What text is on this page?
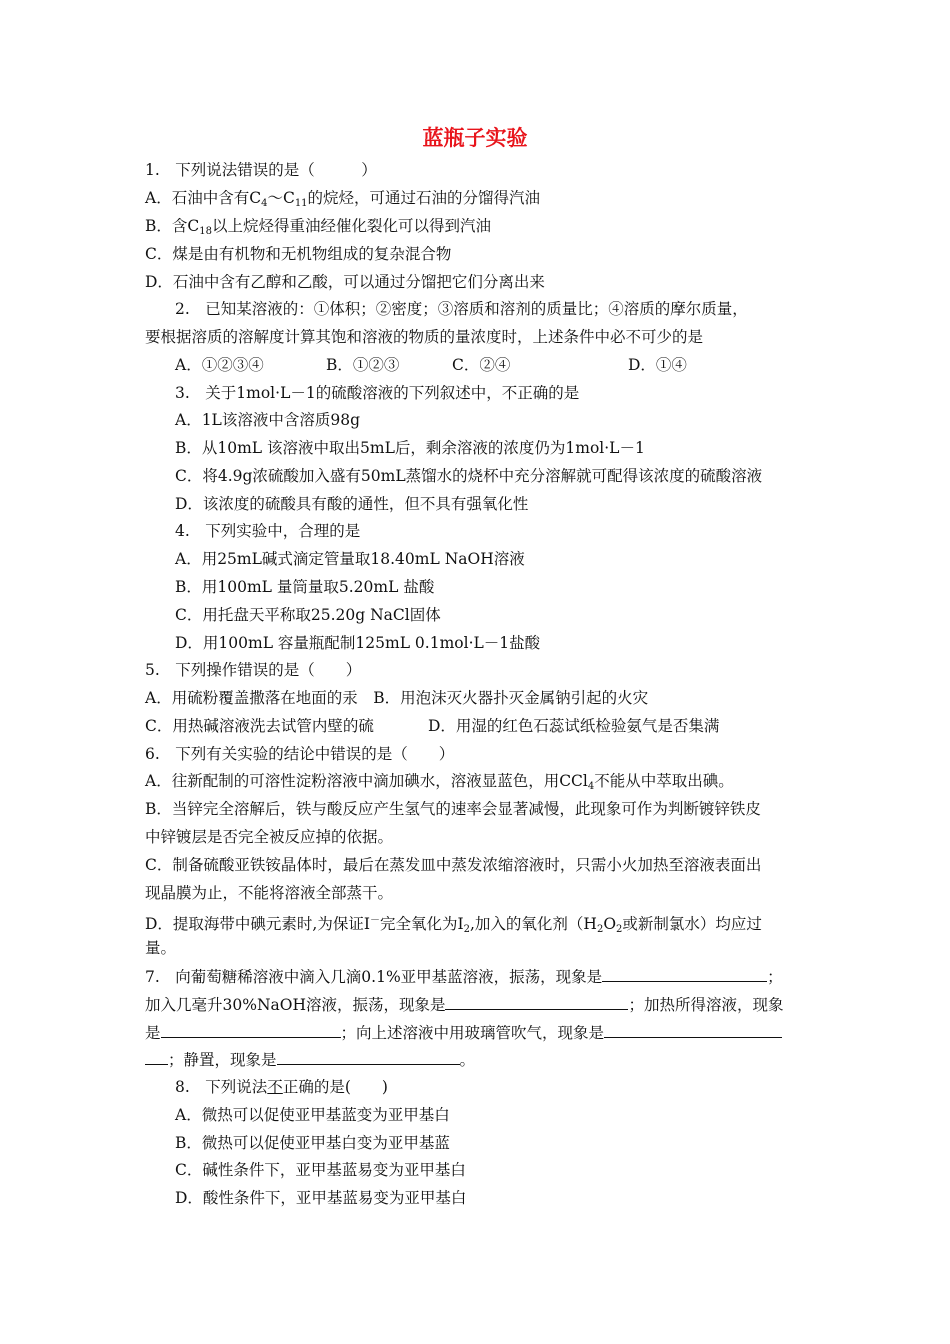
蓝瓶子实验
1.　下列说法错误的是（　　　）
A．石油中含有$C_4\sim C_{11}$的烷烃，可通过石油的分馏得汽油
B．含$C_{18}$以上烷烃得重油经催化裂化可以得到汽油
C．煤是由有机物和无机物组成的复杂混合物
D．石油中含有乙醇和乙酸，可以通过分馏把它们分离出来
2.　已知某溶液的：①体积；②密度；③溶质和溶剂的质量比；④溶质的摩尔质量，
要根据溶质的溶解度计算其饱和溶液的物质的量浓度时，上述条件中必不可少的是
A．①②③④	B．①②③	C．②④	D．①④
3.　关于1mol·L－1的硫酸溶液的下列叙述中，不正确的是
A．1L该溶液中含溶质98g
B．从10mL 该溶液中取出5mL后，剩余溶液的浓度仍为1mol·L－1
C．将4.9g浓硫酸加入盛有50mL蒸馏水的烧杯中充分溶解就可配得该浓度的硫酸溶液
D．该浓度的硫酸具有酸的通性，但不具有强氧化性
4.　下列实验中，合理的是
A．用25mL碱式滴定管量取18.40mL NaOH溶液
B．用100mL 量筒量取5.20mL 盐酸
C．用托盘天平称取25.20g NaCl固体
D．用100mL 容量瓶配制125mL 0.1mol·L－1盐酸
5.　下列操作错误的是（　　）
A．用硫粉覆盖撒落在地面的汞　B．用泡沫灭火器扑灭金属钠引起的火灾
C．用热碱溶液洗去试管内壁的硫	D．用湿的红色石蕊试纸检验氨气是否集满
6.　下列有关实验的结论中错误的是（　　）
A．往新配制的可溶性淀粉溶液中滴加碘水，溶液显蓝色，用CCl$_4$不能从中萃取出碘。
B．当锌完全溶解后，铁与酸反应产生氢气的速率会显著减慢，此现象可作为判断镀锌铁皮
中锌镀层是否完全被反应掉的依据。
C．制备硫酸亚铁铵晶体时，最后在蒸发皿中蒸发浓缩溶液时，只需小火加热至溶液表面出
现晶膜为止，不能将溶液全部蒸干。
D．提取海带中碘元素时,为保证I－完全氧化为$I_2$,加入的氧化剂（$H_2O_2$或新制氯水）均应过
量。
7.　向葡萄糖稀溶液中滴入几滴0.1%亚甲基蓝溶液，振荡，现象是	；
加入几毫升30%NaOH溶液，振荡，现象是	；加热所得溶液，现象
是	；向上述溶液中用玻璃管吹气，现象是
；静置，现象是	。
8.　下列说法不正确的是(　　)
A．微热可以促使亚甲基蓝变为亚甲基白
B．微热可以促使亚甲基白变为亚甲基蓝
C．碱性条件下，亚甲基蓝易变为亚甲基白
D．酸性条件下，亚甲基蓝易变为亚甲基白
